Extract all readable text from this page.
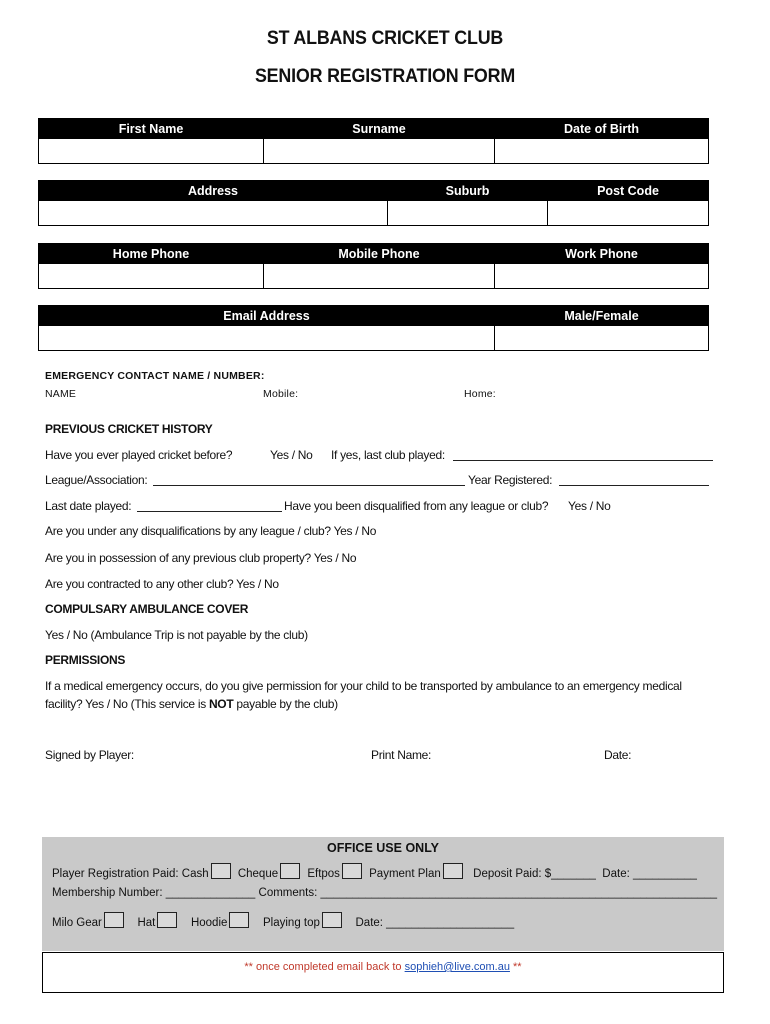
ST ALBANS CRICKET CLUB
SENIOR REGISTRATION FORM
First Name	Surname	Date of Birth

Address	Suburb	Post Code

Home Phone	Mobile Phone	Work Phone

Email Address	Male/Female

EMERGENCY CONTACT NAME / NUMBER:
NAME	Mobile:	Home:
PREVIOUS CRICKET HISTORY
Have you ever played cricket before?	Yes / No If yes, last club played:
League/Association:	Year Registered:
Last date played:	Have you been disqualified from any league or club? Yes / No
Are you under any disqualifications by any league / club? Yes / No
Are you in possession of any previous club property? Yes / No
Are you contracted to any other club? Yes / No
COMPULSARY AMBULANCE COVER
Yes / No (Ambulance Trip is not payable by the club)
PERMISSIONS
If a medical emergency occurs, do you give permission for your child to be transported by ambulance to an emergency medical
facility? Yes / No (This service is NOT payable by the club)
Signed by Player:	Print Name:	Date:
OFFICE USE ONLY
Player Registration Paid: Cash	Cheque	Eftpos	Payment Plan	Deposit Paid: $_______ Date: __________
Membership Number: ______________ Comments: ______________________________________________________________
Milo Gear	Hat	Hoodie	Playing top	Date: ____________________
** once completed email back to sophieh@live.com.au **
